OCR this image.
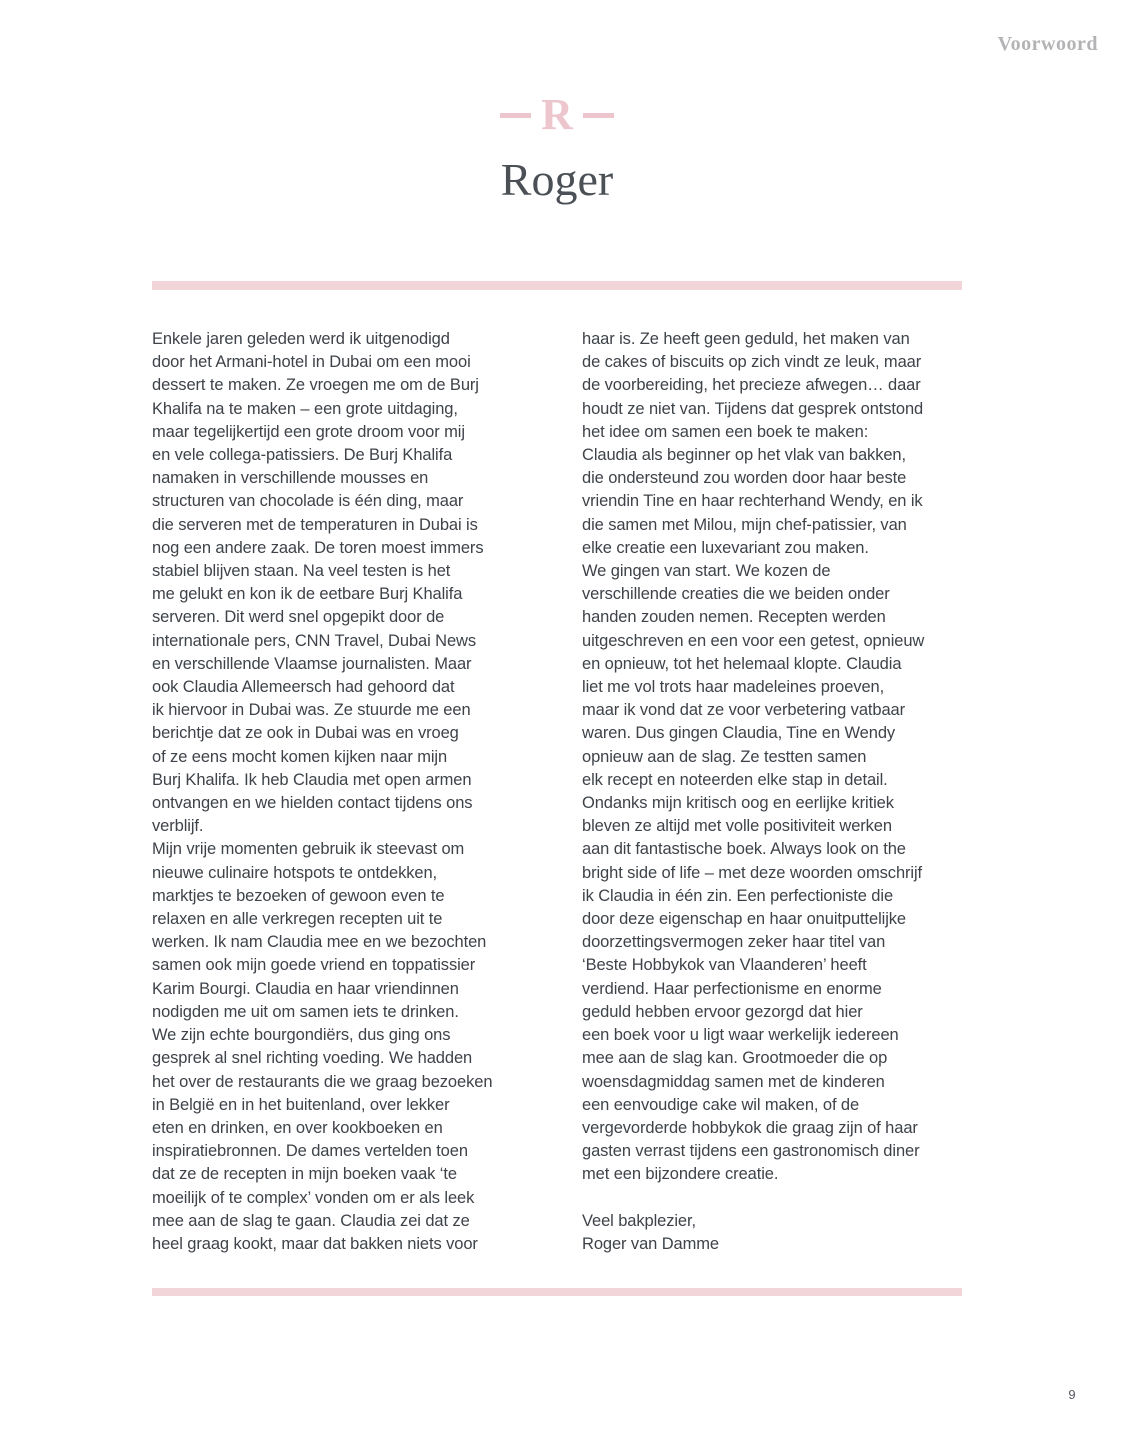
Voorwoord
R
Roger
Enkele jaren geleden werd ik uitgenodigd
door het Armani-hotel in Dubai om een mooi
dessert te maken. Ze vroegen me om de Burj
Khalifa na te maken – een grote uitdaging,
maar tegelijkertijd een grote droom voor mij
en vele collega-patissiers. De Burj Khalifa
namaken in verschillende mousses en
structuren van chocolade is één ding, maar
die serveren met de temperaturen in Dubai is
nog een andere zaak. De toren moest immers
stabiel blijven staan. Na veel testen is het
me gelukt en kon ik de eetbare Burj Khalifa
serveren. Dit werd snel opgepikt door de
internationale pers, CNN Travel, Dubai News
en verschillende Vlaamse journalisten. Maar
ook Claudia Allemeersch had gehoord dat
ik hiervoor in Dubai was. Ze stuurde me een
berichtje dat ze ook in Dubai was en vroeg
of ze eens mocht komen kijken naar mijn
Burj Khalifa. Ik heb Claudia met open armen
ontvangen en we hielden contact tijdens ons
verblijf.
Mijn vrije momenten gebruik ik steevast om
nieuwe culinaire hotspots te ontdekken,
marktjes te bezoeken of gewoon even te
relaxen en alle verkregen recepten uit te
werken. Ik nam Claudia mee en we bezochten
samen ook mijn goede vriend en toppatissier
Karim Bourgi. Claudia en haar vriendinnen
nodigden me uit om samen iets te drinken.
We zijn echte bourgondiërs, dus ging ons
gesprek al snel richting voeding. We hadden
het over de restaurants die we graag bezoeken
in België en in het buitenland, over lekker
eten en drinken, en over kookboeken en
inspiratiebronnen. De dames vertelden toen
dat ze de recepten in mijn boeken vaak ‘te
moeilijk of te complex’ vonden om er als leek
mee aan de slag te gaan. Claudia zei dat ze
heel graag kookt, maar dat bakken niets voor
haar is. Ze heeft geen geduld, het maken van
de cakes of biscuits op zich vindt ze leuk, maar
de voorbereiding, het precieze afwegen… daar
houdt ze niet van. Tijdens dat gesprek ontstond
het idee om samen een boek te maken:
Claudia als beginner op het vlak van bakken,
die ondersteund zou worden door haar beste
vriendin Tine en haar rechterhand Wendy, en ik
die samen met Milou, mijn chef-patissier, van
elke creatie een luxevariant zou maken.
We gingen van start. We kozen de
verschillende creaties die we beiden onder
handen zouden nemen. Recepten werden
uitgeschreven en een voor een getest, opnieuw
en opnieuw, tot het helemaal klopte. Claudia
liet me vol trots haar madeleines proeven,
maar ik vond dat ze voor verbetering vatbaar
waren. Dus gingen Claudia, Tine en Wendy
opnieuw aan de slag. Ze testten samen
elk recept en noteerden elke stap in detail.
Ondanks mijn kritisch oog en eerlijke kritiek
bleven ze altijd met volle positiviteit werken
aan dit fantastische boek. Always look on the
bright side of life – met deze woorden omschrijf
ik Claudia in één zin. Een perfectioniste die
door deze eigenschap en haar onuitputtelijke
doorzettingsvermogen zeker haar titel van
‘Beste Hobbykok van Vlaanderen’ heeft
verdiend. Haar perfectionisme en enorme
geduld hebben ervoor gezorgd dat hier
een boek voor u ligt waar werkelijk iedereen
mee aan de slag kan. Grootmoeder die op
woensdagmiddag samen met de kinderen
een eenvoudige cake wil maken, of de
vergevorderde hobbykok die graag zijn of haar
gasten verrast tijdens een gastronomisch diner
met een bijzondere creatie.

Veel bakplezier,
Roger van Damme
9
